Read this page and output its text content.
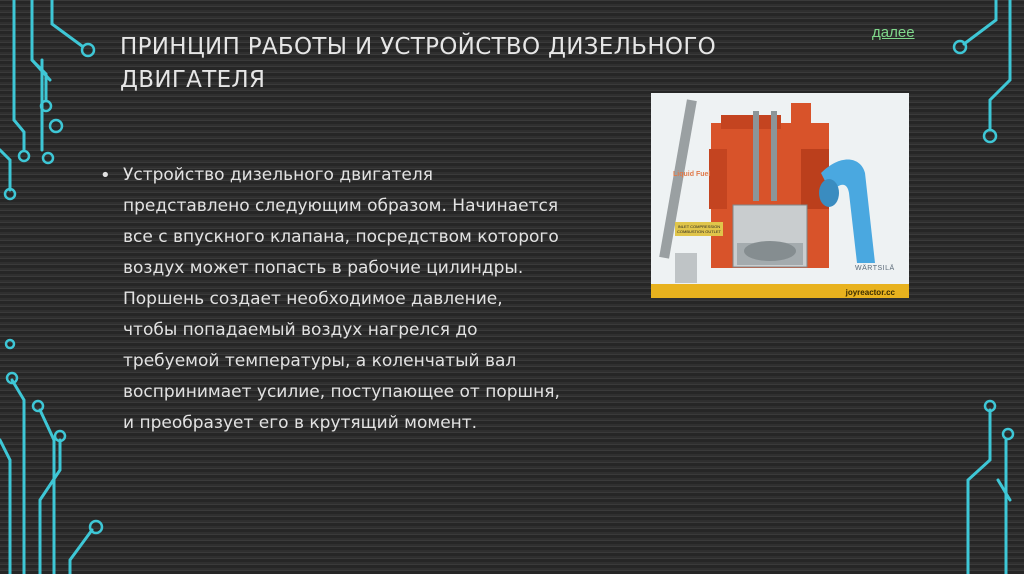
ПРИНЦИП РАБОТЫ И УСТРОЙСТВО ДИЗЕЛЬНОГО ДВИГАТЕЛЯ
далее
• Устройство дизельного двигателя представлено следующим образом. Начинается все с впускного клапана, посредством которого воздух может попасть в рабочие цилиндры. Поршень создает необходимое давление, чтобы попадаемый воздух нагрелся до требуемой температуры, а коленчатый вал воспринимает усилие, поступающее от поршня, и преобразует его в крутящий момент.
Liquid Fuel
INLET COMPRESSION COMBUSTION OUTLET
WÄRTSILÄ
joyreactor.cc
